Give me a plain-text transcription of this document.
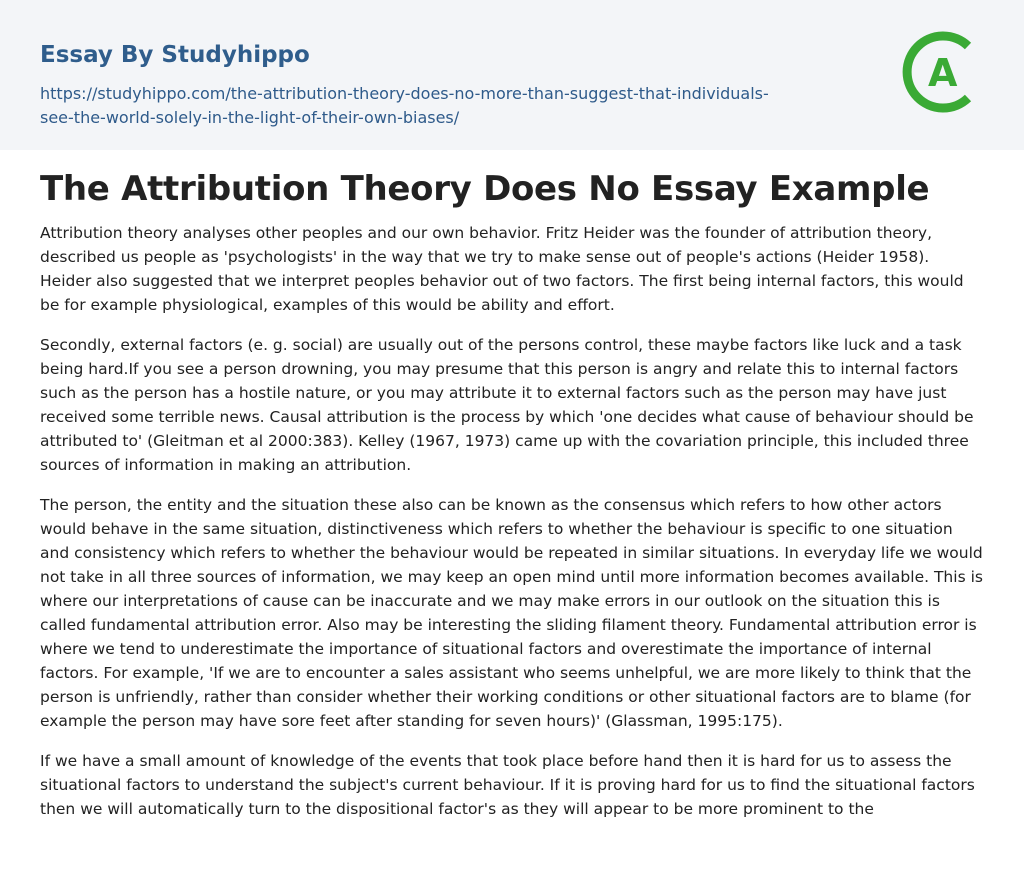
Essay By Studyhippo
https://studyhippo.com/the-attribution-theory-does-no-more-than-suggest-that-individuals-
see-the-world-solely-in-the-light-of-their-own-biases/
A
The Attribution Theory Does No Essay Example

Attribution theory analyses other peoples and our own behavior. Fritz Heider was the founder of attribution theory, described us people as 'psychologists' in the way that we try to make sense out of people's actions (Heider 1958). Heider also suggested that we interpret peoples behavior out of two factors. The first being internal factors, this would be for example physiological, examples of this would be ability and effort.

Secondly, external factors (e. g. social) are usually out of the persons control, these maybe factors like luck and a task being hard.If you see a person drowning, you may presume that this person is angry and relate this to internal factors such as the person has a hostile nature, or you may attribute it to external factors such as the person may have just received some terrible news. Causal attribution is the process by which 'one decides what cause of behaviour should be attributed to' (Gleitman et al 2000:383). Kelley (1967, 1973) came up with the covariation principle, this included three sources of information in making an attribution.

The person, the entity and the situation these also can be known as the consensus which refers to how other actors would behave in the same situation, distinctiveness which refers to whether the behaviour is specific to one situation and consistency which refers to whether the behaviour would be repeated in similar situations. In everyday life we would not take in all three sources of information, we may keep an open mind until more information becomes available. This is where our interpretations of cause can be inaccurate and we may make errors in our outlook on the situation this is called fundamental attribution error. Also may be interesting the sliding filament theory. Fundamental attribution error is where we tend to underestimate the importance of situational factors and overestimate the importance of internal factors. For example, 'If we are to encounter a sales assistant who seems unhelpful, we are more likely to think that the person is unfriendly, rather than consider whether their working conditions or other situational factors are to blame (for example the person may have sore feet after standing for seven hours)' (Glassman, 1995:175).

If we have a small amount of knowledge of the events that took place before hand then it is hard for us to assess the situational factors to understand the subject's current behaviour. If it is proving hard for us to find the situational factors then we will automatically turn to the dispositional factor's as they will appear to be more prominent to the
